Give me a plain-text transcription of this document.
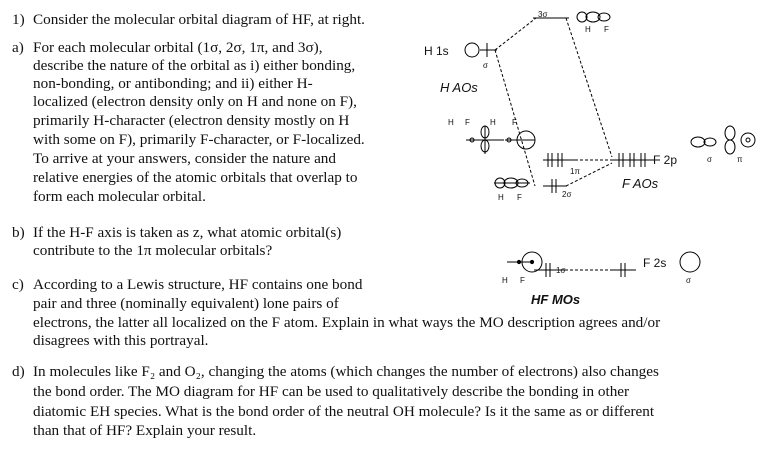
1) Consider the molecular orbital diagram of HF, at right.
a) For each molecular orbital (1σ, 2σ, 1π, and 3σ),
describe the nature of the orbital as i) either bonding,
non-bonding, or antibonding; and ii) either H-
localized (electron density only on H and none on F),
primarily H-character (electron density mostly on H
with some on F), primarily F-character, or F-localized.
To arrive at your answers, consider the nature and
relative energies of the atomic orbitals that overlap to
form each molecular orbital.
b) If the H-F axis is taken as z, what atomic orbital(s)
contribute to the 1π molecular orbitals?
c) According to a Lewis structure, HF contains one bond
pair and three (nominally equivalent) lone pairs of
electrons, the latter all localized on the F atom. Explain in what ways the MO description agrees and/or
disagrees with this portrayal.
d) In molecules like F₂ and O₂, changing the atoms (which changes the number of electrons) also changes
the bond order. The MO diagram for HF can be used to qualitatively describe the bonding in other
diatomic EH species. What is the bond order of the neutral OH molecule? Is it the same as or different
than that of HF? Explain your result.
H 1s
σ
H AOs
3σ
H F
H F	H F
1π
F 2p	σ	π
F AOs
2σ
H F
1σ
F 2s
σ
H F
HF MOs
